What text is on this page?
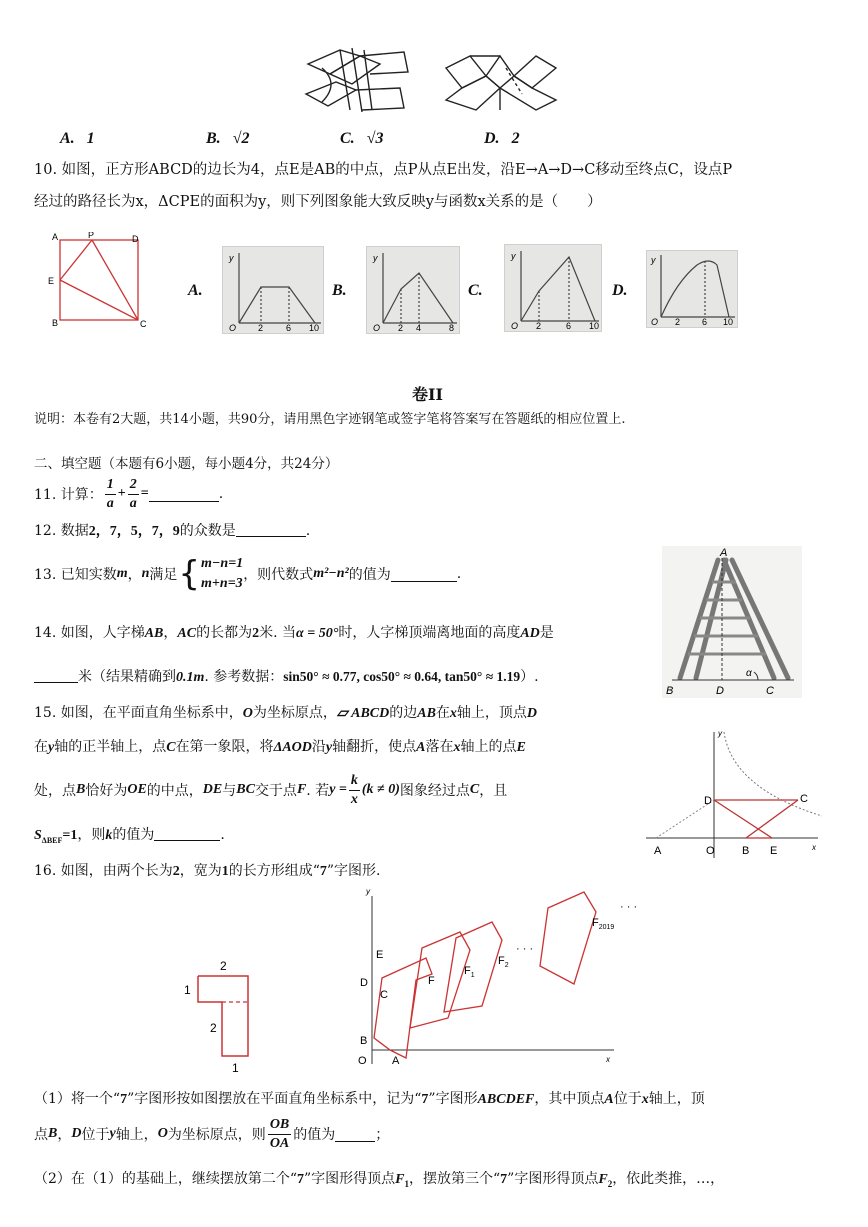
A. 1	B. √2	C. √3	D. 2
10. 如图，正方形ABCD的边长为4，点E是AB的中点，点P从点E出发，沿E→A→D→C移动至终点C，设点P
经过的路径长为x，ΔCPE的面积为y，则下列图象能大致反映y与函数x关系的是（　　）
A	P	D
E
B	C
A.	B.	C.	D.
y
O 2	6 10
y
O 2 4	8
y
O 2	6 10
y
O 2 6 10
卷II
说明：本卷有2大题，共14小题，共90分，请用黑色字迹钢笔或签字笔将答案写在答题纸的相应位置上.
二、填空题（本题有6小题，每小题4分，共24分）
11. 计算： $\frac{1}{a} + \frac{2}{a}$ =	.
12. 数据2，7，5，7，9的众数是	.
13. 已知实数 m ， n 满足 { m−n=1
m+n=3
，则代数式 m²−n² 的值为	.
14. 如图，人字梯AB，AC的长都为2米. 当α = 50°时，人字梯顶端离地面的高度AD是
米（结果精确到0.1m. 参考数据：sin50° ≈ 0.77, cos50° ≈ 0.64, tan50° ≈ 1.19）.
A
B	D	C
α
15. 如图，在平面直角坐标系中，O为坐标原点，▱ ABCD的边AB在x轴上，顶点D
在y轴的正半轴上，点C在第一象限，将ΔAOD沿y轴翻折，使点A落在x轴上的点E
处，点 B 恰好为 OE 的中点， DE 与 BC 交于点 F . 若 $y = \frac{k}{x} (k \ne 0)$ 图象经过点 C ，且
$S_{\Delta BEF}=1$，则k的值为	.
y
x
D	C
A	O B E
16. 如图，由两个长为2，宽为1的长方形组成“7”字图形.
2
1
2
1
y
x
E
D
C
B
O A
F
$F_1$
$F_2$
· · ·
$F_{2019}$
· · ·
（1）将一个“7”字图形按如图摆放在平面直角坐标系中，记为“7”字图形ABCDEF，其中顶点A位于x轴上，顶
点 B ， D 位于 y 轴上， O 为坐标原点，则 $\frac{OB}{OA}$ 的值为	；
（2）在（1）的基础上，继续摆放第二个“7”字图形得顶点$F_1$，摆放第三个“7”字图形得顶点$F_2$，依此类推，…，
